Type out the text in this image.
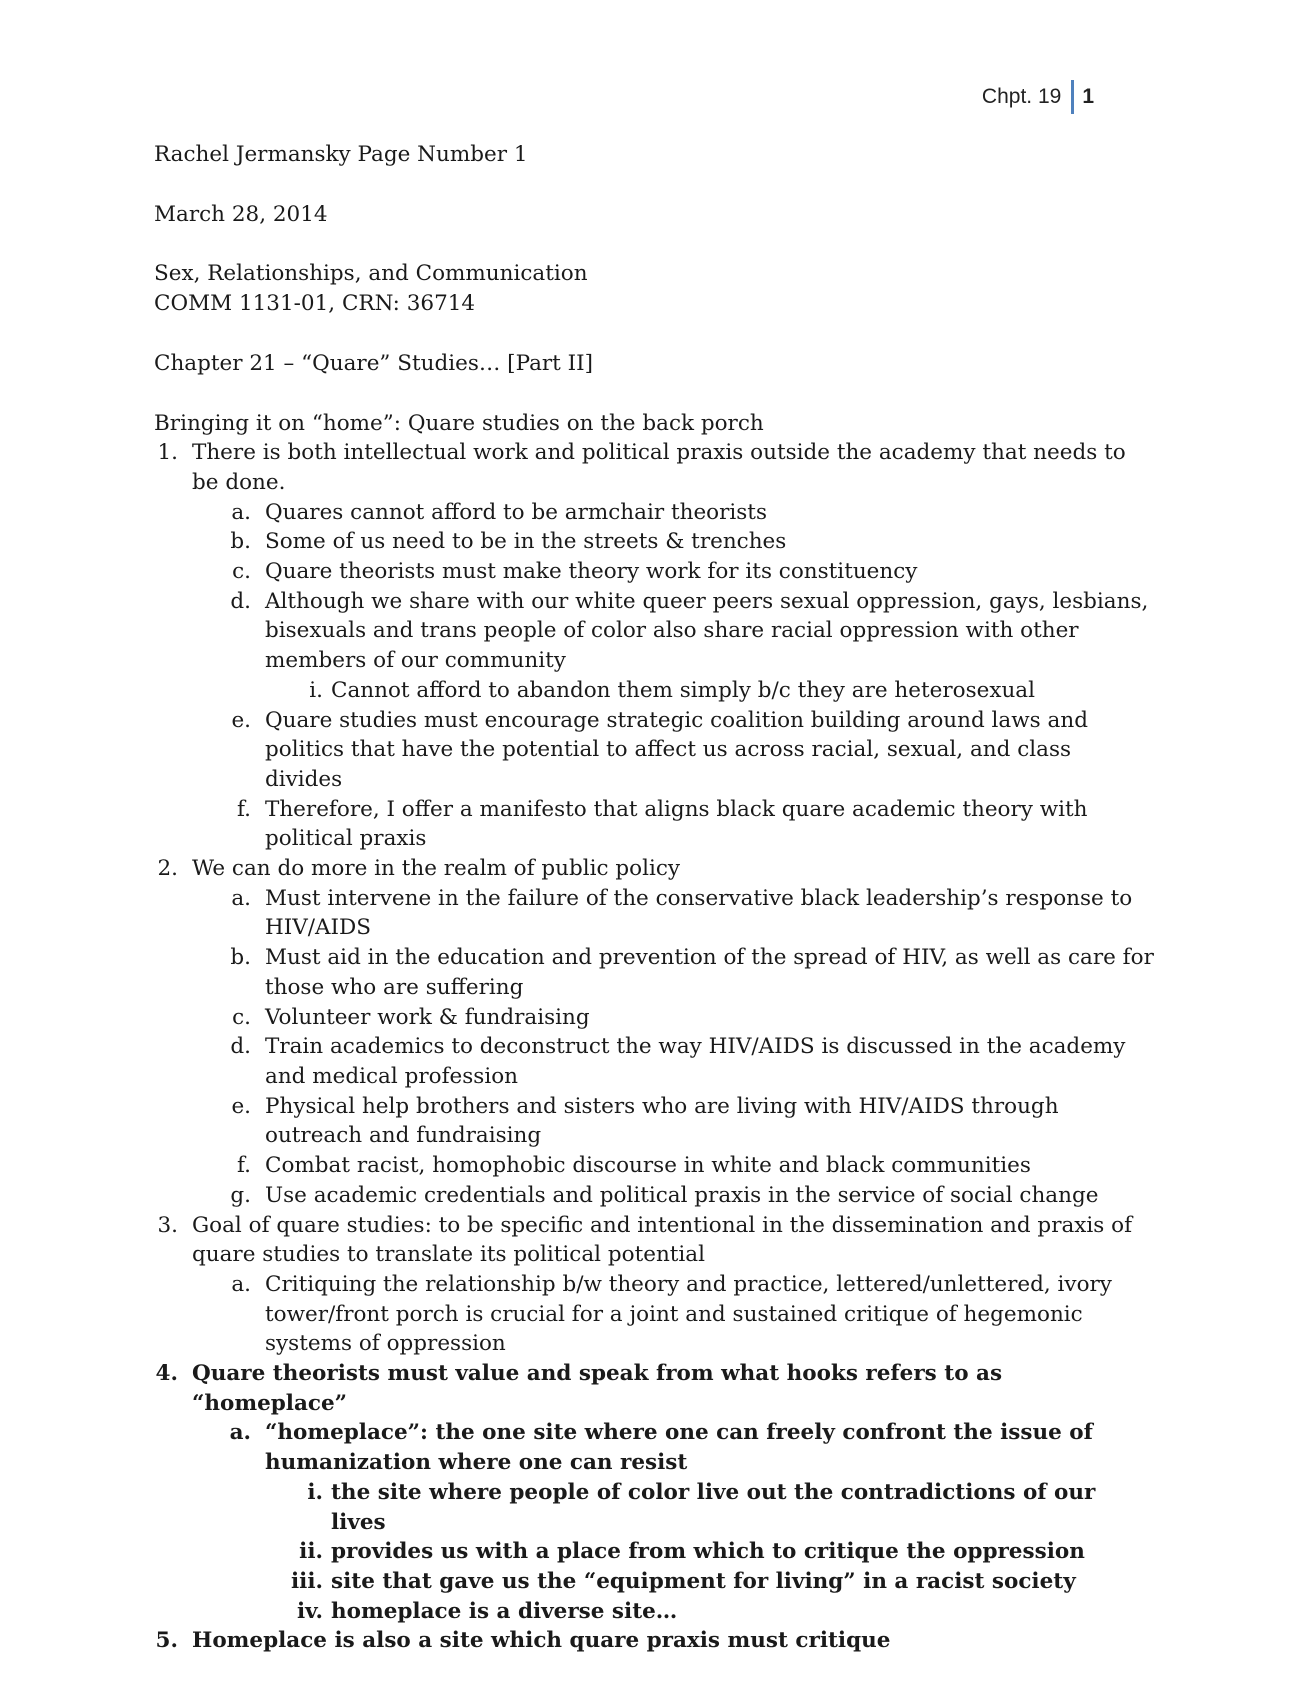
Chpt. 19	1

Rachel Jermansky Page Number 1

March 28, 2014

Sex, Relationships, and Communication

COMM 1131-01, CRN: 36714

Chapter 21 – “Quare” Studies… [Part II]

Bringing it on “home”: Quare studies on the back porch

1. There is both intellectual work and political praxis outside the academy that needs to be done.
a. Quares cannot afford to be armchair theorists
b. Some of us need to be in the streets & trenches
c. Quare theorists must make theory work for its constituency
d. Although we share with our white queer peers sexual oppression, gays, lesbians, bisexuals and trans people of color also share racial oppression with other members of our community
i. Cannot afford to abandon them simply b/c they are heterosexual
e. Quare studies must encourage strategic coalition building around laws and politics that have the potential to affect us across racial, sexual, and class divides
f. Therefore, I offer a manifesto that aligns black quare academic theory with political praxis
2. We can do more in the realm of public policy
a. Must intervene in the failure of the conservative black leadership’s response to HIV/AIDS
b. Must aid in the education and prevention of the spread of HIV, as well as care for those who are suffering
c. Volunteer work & fundraising
d. Train academics to deconstruct the way HIV/AIDS is discussed in the academy and medical profession
e. Physical help brothers and sisters who are living with HIV/AIDS through outreach and fundraising
f. Combat racist, homophobic discourse in white and black communities
g. Use academic credentials and political praxis in the service of social change
3. Goal of quare studies: to be specific and intentional in the dissemination and praxis of quare studies to translate its political potential
a. Critiquing the relationship b/w theory and practice, lettered/unlettered, ivory tower/front porch is crucial for a joint and sustained critique of hegemonic systems of oppression
4. Quare theorists must value and speak from what hooks refers to as “homeplace”
a. “homeplace”: the one site where one can freely confront the issue of humanization where one can resist
i. the site where people of color live out the contradictions of our lives
ii. provides us with a place from which to critique the oppression
iii. site that gave us the “equipment for living” in a racist society
iv. homeplace is a diverse site…
5. Homeplace is also a site which quare praxis must critique
